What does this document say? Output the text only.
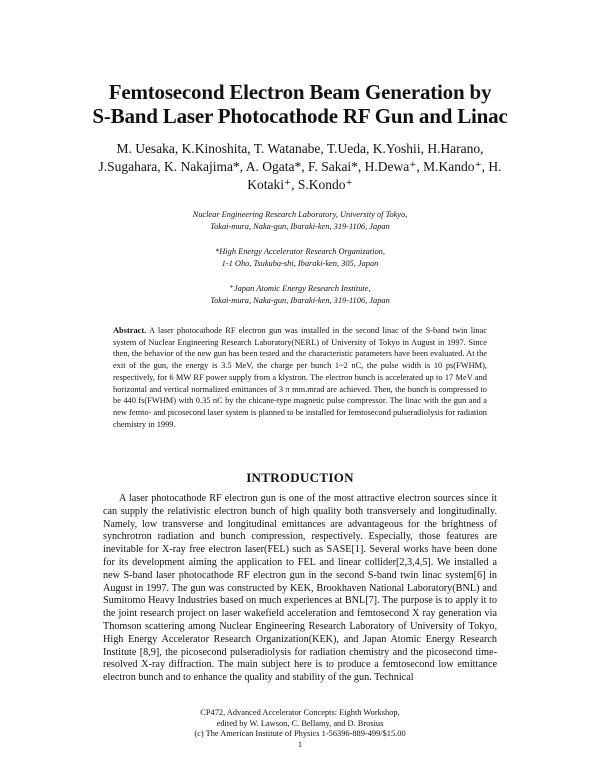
Femtosecond Electron Beam Generation by
S-Band Laser Photocathode RF Gun and Linac
M. Uesaka, K.Kinoshita, T. Watanabe, T.Ueda, K.Yoshii, H.Harano, J.Sugahara, K. Nakajima*, A. Ogata*, F. Sakai*, H.Dewa⁺, M.Kando⁺, H. Kotaki⁺, S.Kondo⁺
Nuclear Engineering Research Laboratory, University of Tokyo,
Tokai-mura, Naka-gun, Ibaraki-ken, 319-1106, Japan
*High Energy Accelerator Research Organization,
1-1 Oho, Tsukuba-shi, Ibaraki-ken, 305, Japan
⁺Japan Atomic Energy Research Institute,
Tokai-mura, Naka-gun, Ibaraki-ken, 319-1106, Japan
Abstract. A laser photocathode RF electron gun was installed in the second linac of the S-band twin linac system of Nuclear Engineering Research Laboratory(NERL) of University of Tokyo in August in 1997. Since then, the behavior of the new gun has been tested and the characteristic parameters have been evaluated. At the exit of the gun, the energy is 3.5 MeV, the charge per bunch 1~2 nC, the pulse width is 10 ps(FWHM), respectively, for 6 MW RF power supply from a klystron. The electron bunch is accelerated up to 17 MeV and horizontal and vertical normalized emittances of 3 π mm.mrad are achieved. Then, the bunch is compressed to be 440 fs(FWHM) with 0.35 nC by the chicane-type magnetic pulse compressor. The linac with the gun and a new femto- and picosecond laser system is planned to be installed for femtosecond pulseradiolysis for radiation chemistry in 1999.
INTRODUCTION
A laser photocathode RF electron gun is one of the most attractive electron sources since it can supply the relativistic electron bunch of high quality both transversely and longitudinally. Namely, low transverse and longitudinal emittances are advantageous for the brightness of synchrotron radiation and bunch compression, respectively. Especially, those features are inevitable for X-ray free electron laser(FEL) such as SASE[1]. Several works have been done for its development aiming the application to FEL and linear collider[2,3,4,5]. We installed a new S-band laser photocathode RF electron gun in the second S-band twin linac system[6] in August in 1997. The gun was constructed by KEK, Brookhaven National Laboratory(BNL) and Sumitomo Heavy Industries based on much experiences at BNL[7]. The purpose is to apply it to the joint research project on laser wakefield acceleration and femtosecond X ray generation via Thomson scattering among Nuclear Engineering Research Laboratory of University of Tokyo, High Energy Accelerator Research Organization(KEK), and Japan Atomic Energy Research Institute [8,9], the picosecond pulseradiolysis for radiation chemistry and the picosecond time-resolved X-ray diffraction. The main subject here is to produce a femtosecond low emittance electron bunch and to enhance the quality and stability of the gun. Technical
CP472, Advanced Accelerator Concepts: Eighth Workshop,
edited by W. Lawson, C. Bellamy, and D. Brosius
(c) The American Institute of Physics 1-56396-889-499/$15.00
1
